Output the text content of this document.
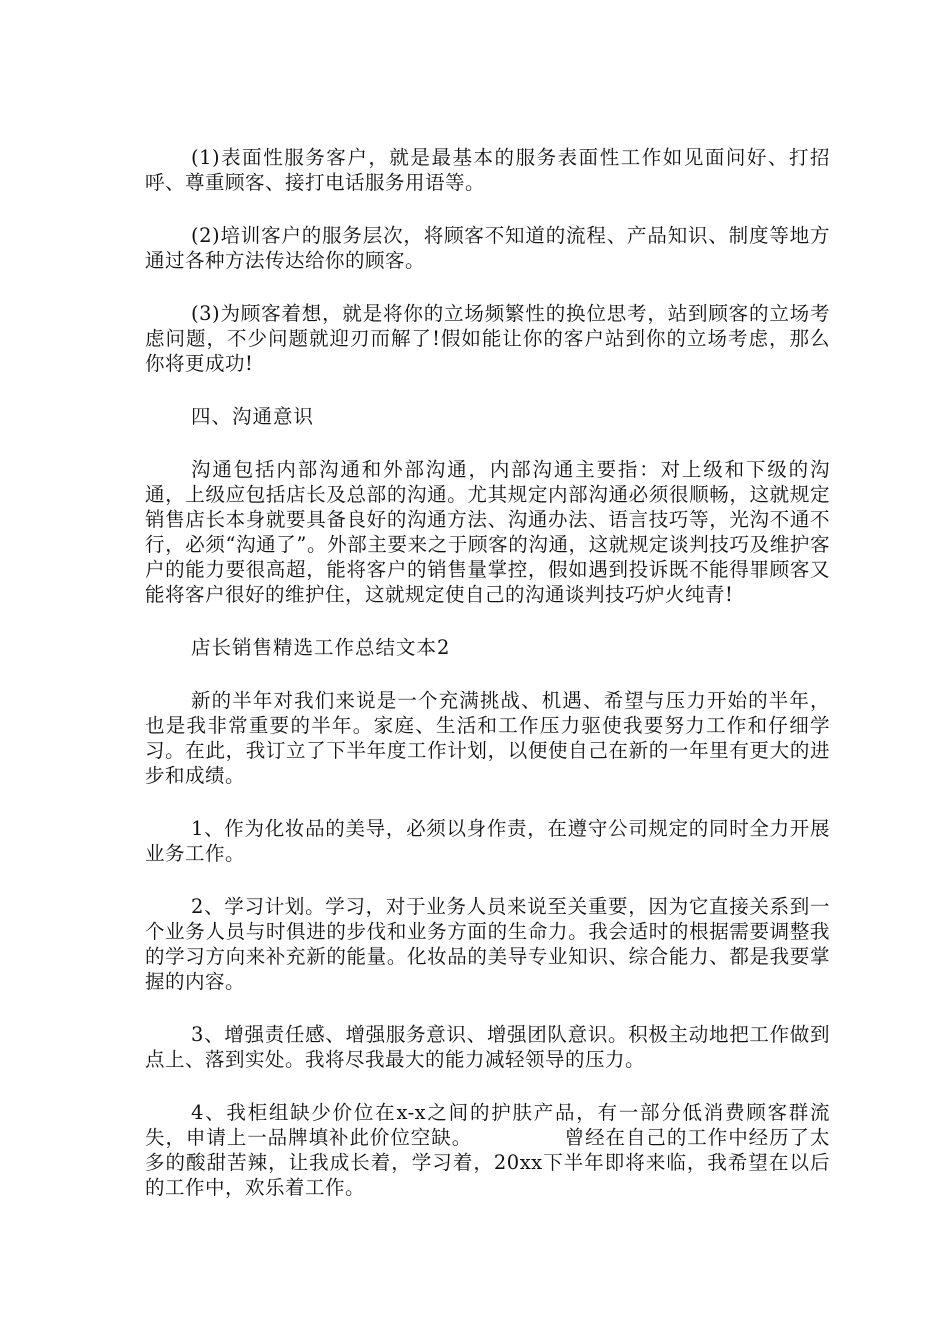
(1)表面性服务客户，就是最基本的服务表面性工作如见面问好、打招呼、尊重顾客、接打电话服务用语等。

(2)培训客户的服务层次，将顾客不知道的流程、产品知识、制度等地方通过各种方法传达给你的顾客。

(3)为顾客着想，就是将你的立场频繁性的换位思考，站到顾客的立场考虑问题，不少问题就迎刃而解了!假如能让你的客户站到你的立场考虑，那么你将更成功!

四、沟通意识

沟通包括内部沟通和外部沟通，内部沟通主要指：对上级和下级的沟通，上级应包括店长及总部的沟通。尤其规定内部沟通必须很顺畅，这就规定销售店长本身就要具备良好的沟通方法、沟通办法、语言技巧等，光沟不通不行，必须“沟通了”。外部主要来之于顾客的沟通，这就规定谈判技巧及维护客户的能力要很高超，能将客户的销售量掌控，假如遇到投诉既不能得罪顾客又能将客户很好的维护住，这就规定使自己的沟通谈判技巧炉火纯青!

店长销售精选工作总结文本2

新的半年对我们来说是一个充满挑战、机遇、希望与压力开始的半年，也是我非常重要的半年。家庭、生活和工作压力驱使我要努力工作和仔细学习。在此，我订立了下半年度工作计划，以便使自己在新的一年里有更大的进步和成绩。

1、作为化妆品的美导，必须以身作责，在遵守公司规定的同时全力开展业务工作。

2、学习计划。学习，对于业务人员来说至关重要，因为它直接关系到一个业务人员与时俱进的步伐和业务方面的生命力。我会适时的根据需要调整我的学习方向来补充新的能量。化妆品的美导专业知识、综合能力、都是我要掌握的内容。

3、增强责任感、增强服务意识、增强团队意识。积极主动地把工作做到点上、落到实处。我将尽我最大的能力减轻领导的压力。

4、我柜组缺少价位在x-x之间的护肤产品，有一部分低消费顾客群流失，申请上一品牌填补此价位空缺。　　　　　曾经在自己的工作中经历了太多的酸甜苦辣，让我成长着，学习着，20xx下半年即将来临，我希望在以后的工作中，欢乐着工作。
